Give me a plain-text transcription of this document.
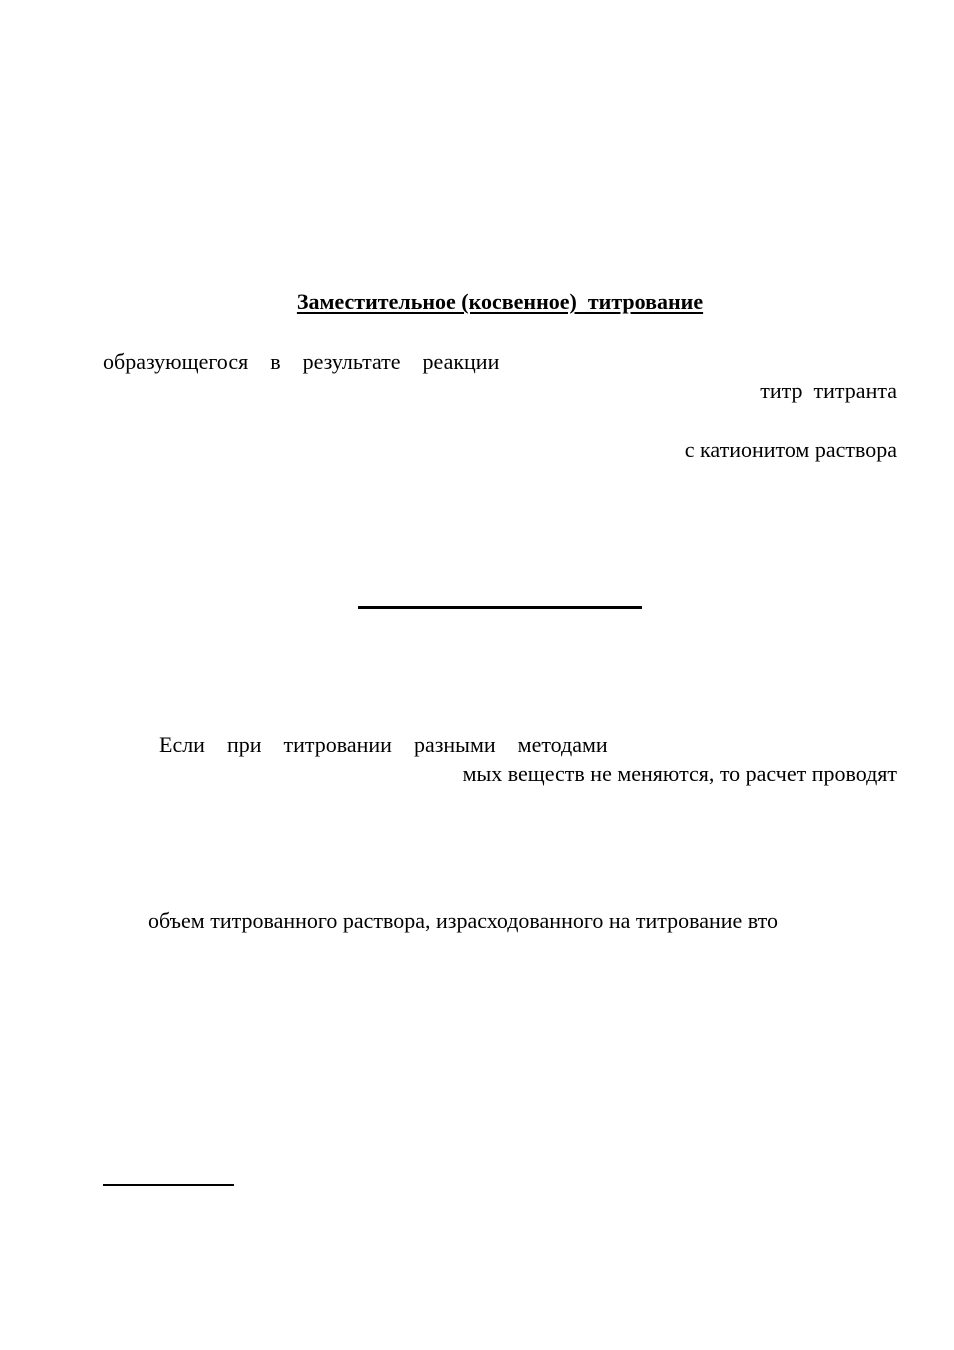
Заместительное (косвенное)  титрование
образующегося    в    результате    реакции
титр  титранта
с катионитом раствора
Если    при    титровании    разными    методами
мых веществ не меняются, то расчет проводят
объем титрованного раствора, израсходованного на титрование вто
